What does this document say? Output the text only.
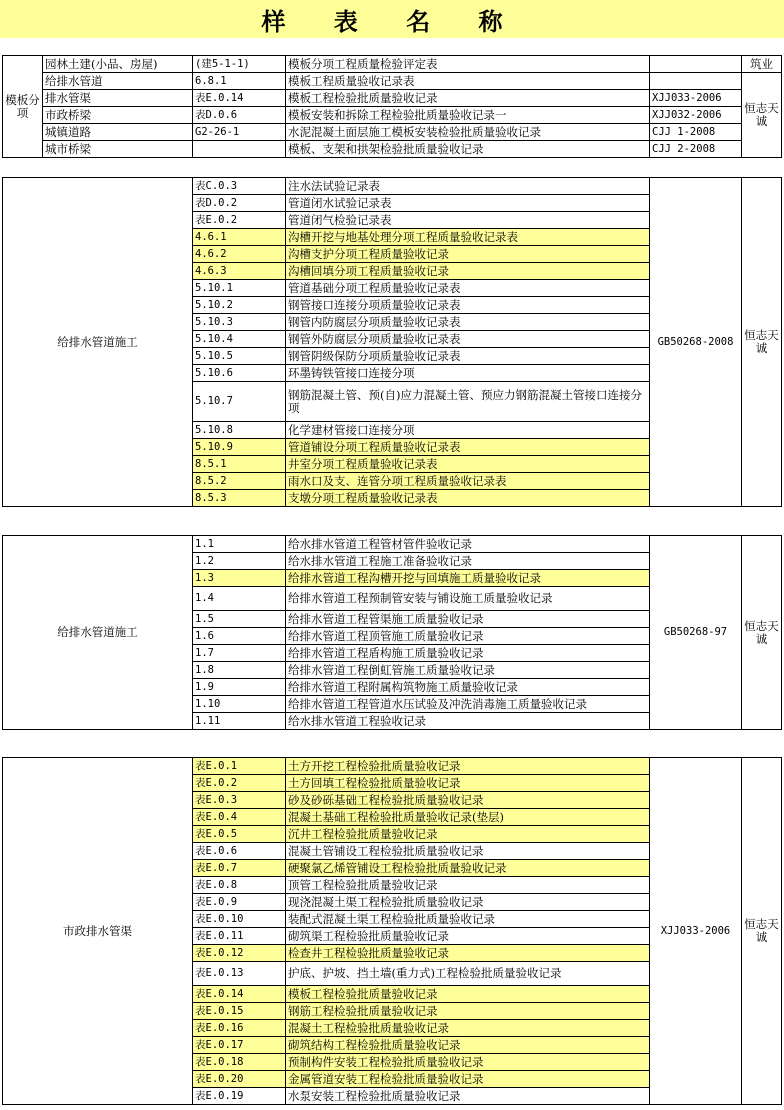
样 表 名 称
模板分项	园林土建(小品、房屋)	(建5-1-1)	模板分项工程质量检验评定表		筑业
	给排水管道	6.8.1	模板工程质量验收记录表		恒志天诚
	排水管渠	表E.0.14	模板工程检验批质量验收记录	XJJ033-2006	
	市政桥梁	表D.0.6	模板安装和拆除工程检验批质量验收记录一	XJJ032-2006	
	城镇道路	G2-26-1	水泥混凝土面层施工模板安装检验批质量验收记录	CJJ 1-2008	
	城市桥梁		模板、支架和拱架检验批质量验收记录	CJJ 2-2008	
给排水管道施工	表C.0.3	注水法试验记录表	GB50268-2008	恒志天诚
	表D.0.2	管道闭水试验记录表		
	表E.0.2	管道闭气检验记录表		
	4.6.1	沟槽开挖与地基处理分项工程质量验收记录表		
	4.6.2	沟槽支护分项工程质量验收记录		
	4.6.3	沟槽回填分项工程质量验收记录		
	5.10.1	管道基础分项工程质量验收记录表		
	5.10.2	钢管接口连接分项质量验收记录表		
	5.10.3	钢管内防腐层分项质量验收记录表		
	5.10.4	钢管外防腐层分项质量验收记录表		
	5.10.5	钢管阴级保防分项质量验收记录表		
	5.10.6	环墨铸铁管接口连接分项		
	5.10.7	钢筋混凝土管、预(自)应力混凝土管、预应力钢筋混凝土管接口连接分项		
	5.10.8	化学建材管接口连接分项		
	5.10.9	管道铺设分项工程质量验收记录表		
	8.5.1	井室分项工程质量验收记录表		
	8.5.2	雨水口及支、连管分项工程质量验收记录表		
	8.5.3	支墩分项工程质量验收记录表		
给排水管道施工	1.1	给水排水管道工程管材管件验收记录	GB50268-97	恒志天诚
	1.2	给水排水管道工程施工准备验收记录		
	1.3	给排水管道工程沟槽开挖与回填施工质量验收记录		
	1.4	给排水管道工程预制管安装与铺设施工质量验收记录		
	1.5	给排水管道工程管渠施工质量验收记录		
	1.6	给排水管道工程顶管施工质量验收记录		
	1.7	给排水管道工程盾构施工质量验收记录		
	1.8	给排水管道工程倒虹管施工质量验收记录		
	1.9	给排水管道工程附属构筑物施工质量验收记录		
	1.10	给排水管道工程管道水压试验及冲洗消毒施工质量验收记录		
	1.11	给水排水管道工程验收记录		
市政排水管渠	表E.0.1	土方开挖工程检验批质量验收记录	XJJ033-2006	恒志天诚
	表E.0.2	土方回填工程检验批质量验收记录		
	表E.0.3	砂及砂砾基础工程检验批质量验收记录		
	表E.0.4	混凝土基础工程检验批质量验收记录(垫层)		
	表E.0.5	沉井工程检验批质量验收记录		
	表E.0.6	混凝土管铺设工程检验批质量验收记录		
	表E.0.7	硬聚氯乙烯管铺设工程检验批质量验收记录		
	表E.0.8	顶管工程检验批质量验收记录		
	表E.0.9	现浇混凝土渠工程检验批质量验收记录		
	表E.0.10	装配式混凝土渠工程检验批质量验收记录		
	表E.0.11	砌筑渠工程检验批质量验收记录		
	表E.0.12	检查井工程检验批质量验收记录		
	表E.0.13	护底、护坡、挡土墙(重力式)工程检验批质量验收记录		
	表E.0.14	模板工程检验批质量验收记录		
	表E.0.15	钢筋工程检验批质量验收记录		
	表E.0.16	混凝土工程检验批质量验收记录		
	表E.0.17	砌筑结构工程检验批质量验收记录		
	表E.0.18	预制构件安装工程检验批质量验收记录		
	表E.0.20	金属管道安装工程检验批质量验收记录		
	表E.0.19	水泵安装工程检验批质量验收记录		
